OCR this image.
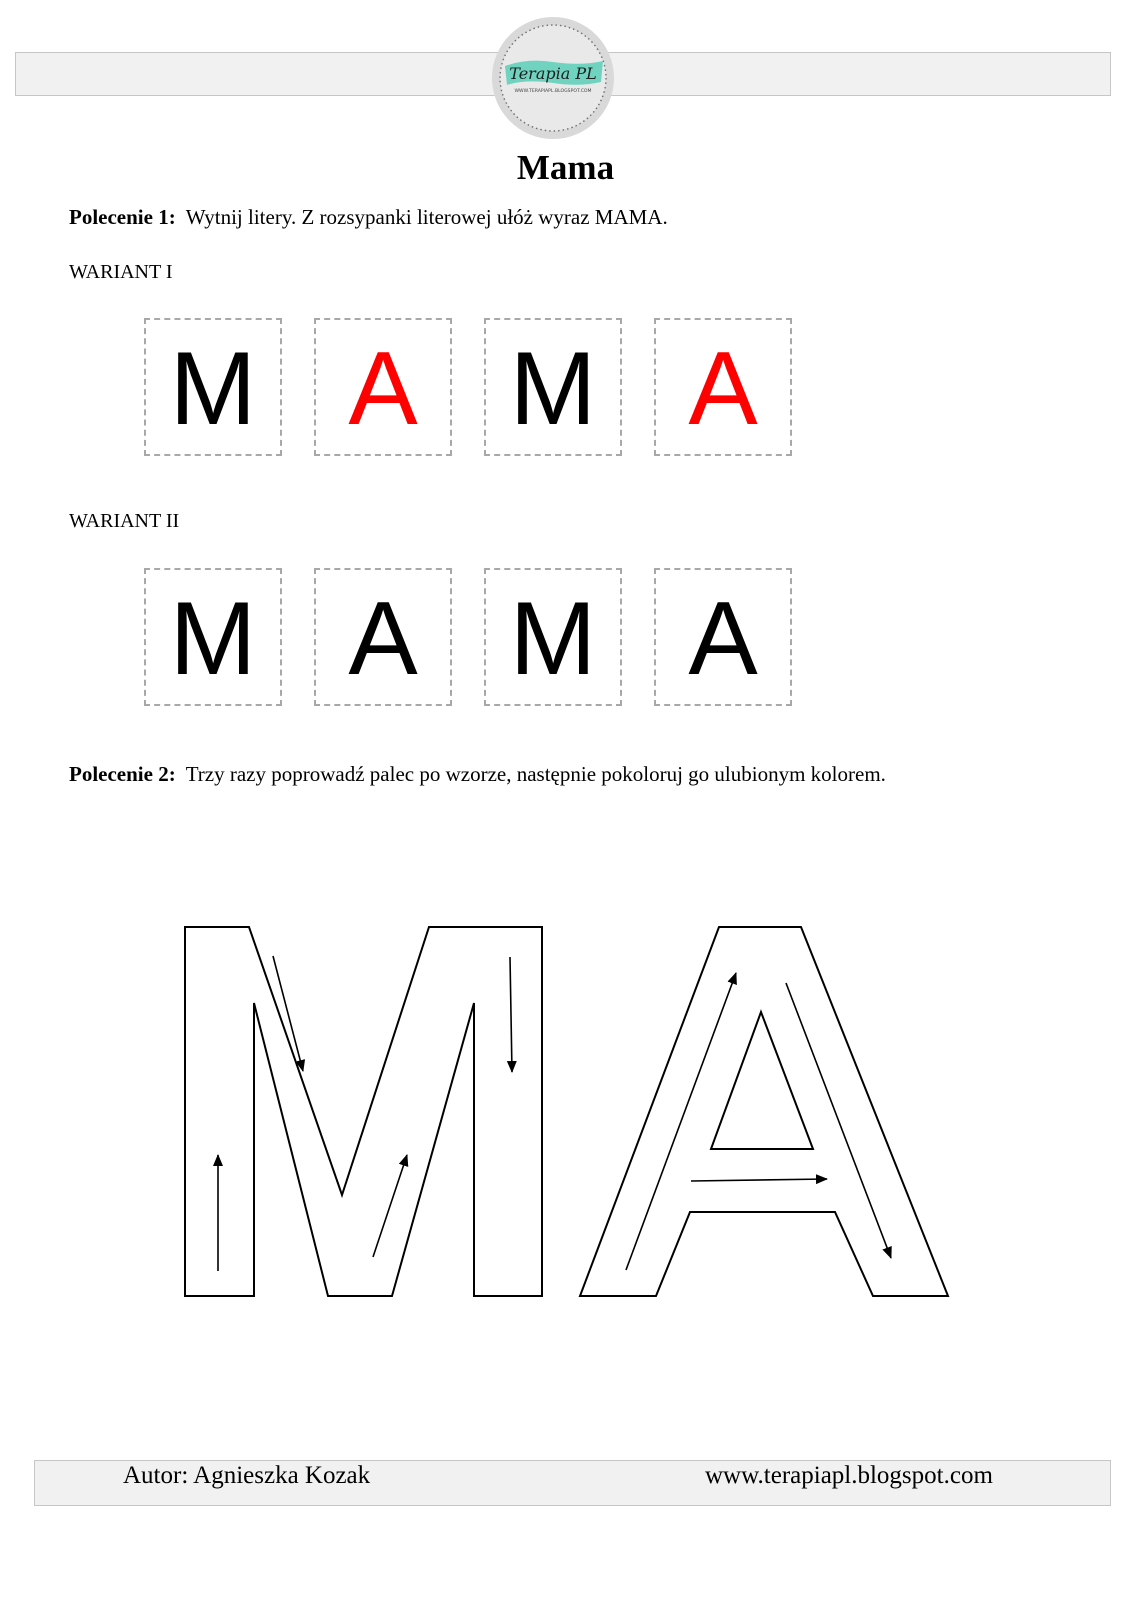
Terapia PL
WWW.TERAPIAPL.BLOGSPOT.COM
Mama
Polecenie 1: Wytnij litery. Z rozsypanki literowej ułóż wyraz MAMA.
WARIANT I
M A M A
WARIANT II
M A M A
Polecenie 2: Trzy razy poprowadź palec po wzorze, następnie pokoloruj go ulubionym kolorem.
Autor: Agnieszka Kozak	www.terapiapl.blogspot.com
